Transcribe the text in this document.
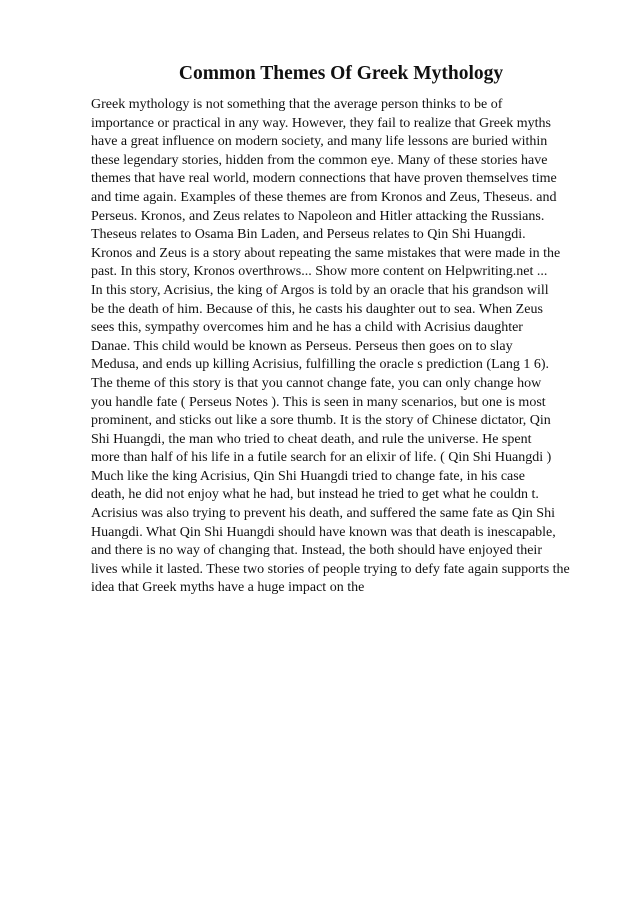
Common Themes Of Greek Mythology
Greek mythology is not something that the average person thinks to be of
importance or practical in any way. However, they fail to realize that Greek myths
have a great influence on modern society, and many life lessons are buried within
these legendary stories, hidden from the common eye. Many of these stories have
themes that have real world, modern connections that have proven themselves time
and time again. Examples of these themes are from Kronos and Zeus, Theseus. and
Perseus. Kronos, and Zeus relates to Napoleon and Hitler attacking the Russians.
Theseus relates to Osama Bin Laden, and Perseus relates to Qin Shi Huangdi.
Kronos and Zeus is a story about repeating the same mistakes that were made in the
past. In this story, Kronos overthrows... Show more content on Helpwriting.net ...
In this story, Acrisius, the king of Argos is told by an oracle that his grandson will
be the death of him. Because of this, he casts his daughter out to sea. When Zeus
sees this, sympathy overcomes him and he has a child with Acrisius daughter
Danae. This child would be known as Perseus. Perseus then goes on to slay
Medusa, and ends up killing Acrisius, fulfilling the oracle s prediction (Lang 1 6).
The theme of this story is that you cannot change fate, you can only change how
you handle fate ( Perseus Notes ). This is seen in many scenarios, but one is most
prominent, and sticks out like a sore thumb. It is the story of Chinese dictator, Qin
Shi Huangdi, the man who tried to cheat death, and rule the universe. He spent
more than half of his life in a futile search for an elixir of life. ( Qin Shi Huangdi )
Much like the king Acrisius, Qin Shi Huangdi tried to change fate, in his case
death, he did not enjoy what he had, but instead he tried to get what he couldn t.
Acrisius was also trying to prevent his death, and suffered the same fate as Qin Shi
Huangdi. What Qin Shi Huangdi should have known was that death is inescapable,
and there is no way of changing that. Instead, the both should have enjoyed their
lives while it lasted. These two stories of people trying to defy fate again supports the
idea that Greek myths have a huge impact on the
